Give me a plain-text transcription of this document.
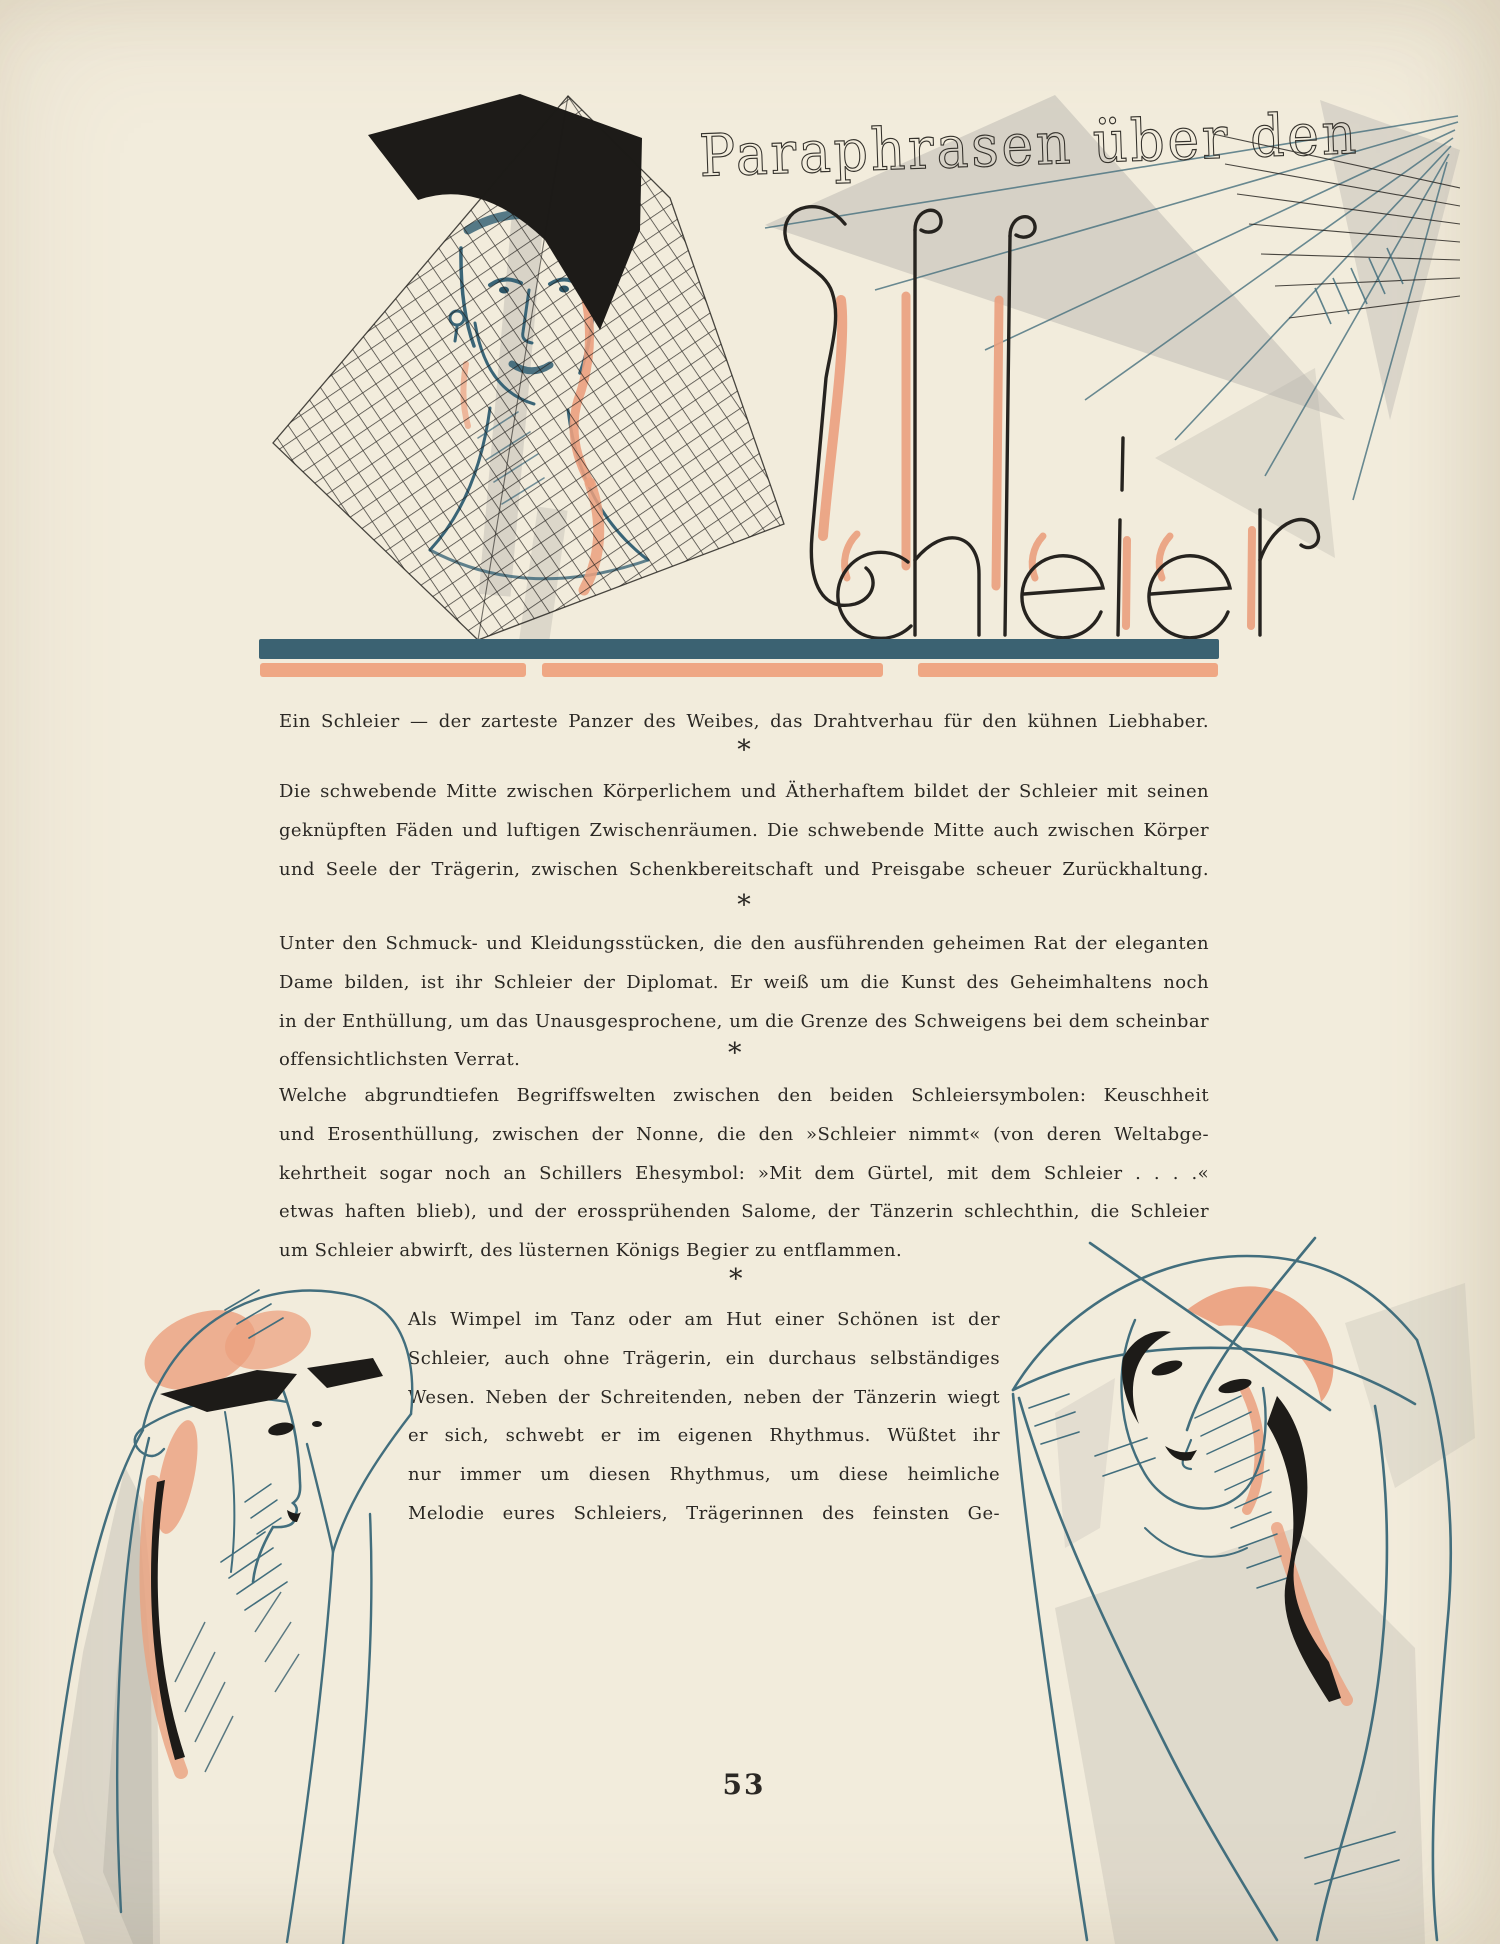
Paraphrasen über den
Ein Schleier — der zarteste Panzer des Weibes, das Drahtverhau für den kühnen Liebhaber.
*
Die schwebende Mitte zwischen Körperlichem und Ätherhaftem bildet der Schleier mit seinen
geknüpften Fäden und luftigen Zwischenräumen. Die schwebende Mitte auch zwischen Körper
und Seele der Trägerin, zwischen Schenkbereitschaft und Preisgabe scheuer Zurückhaltung.
*
Unter den Schmuck- und Kleidungsstücken, die den ausführenden geheimen Rat der eleganten
Dame bilden, ist ihr Schleier der Diplomat. Er weiß um die Kunst des Geheimhaltens noch
in der Enthüllung, um das Unausgesprochene, um die Grenze des Schweigens bei dem scheinbar
offensichtlichsten Verrat.	*
Welche abgrundtiefen Begriffswelten zwischen den beiden Schleiersymbolen: Keuschheit
und Erosenthüllung, zwischen der Nonne, die den »Schleier nimmt« (von deren Weltabge-
kehrtheit sogar noch an Schillers Ehesymbol: »Mit dem Gürtel, mit dem Schleier . . . .«
etwas haften blieb), und der erossprühenden Salome, der Tänzerin schlechthin, die Schleier
um Schleier abwirft, des lüsternen Königs Begier zu entflammen.
*
Als Wimpel im Tanz oder am Hut einer Schönen ist der
Schleier, auch ohne Trägerin, ein durchaus selbständiges
Wesen. Neben der Schreitenden, neben der Tänzerin wiegt
er sich, schwebt er im eigenen Rhythmus. Wüßtet ihr
nur immer um diesen Rhythmus, um diese heimliche
Melodie eures Schleiers, Trägerinnen des feinsten Ge-
53
